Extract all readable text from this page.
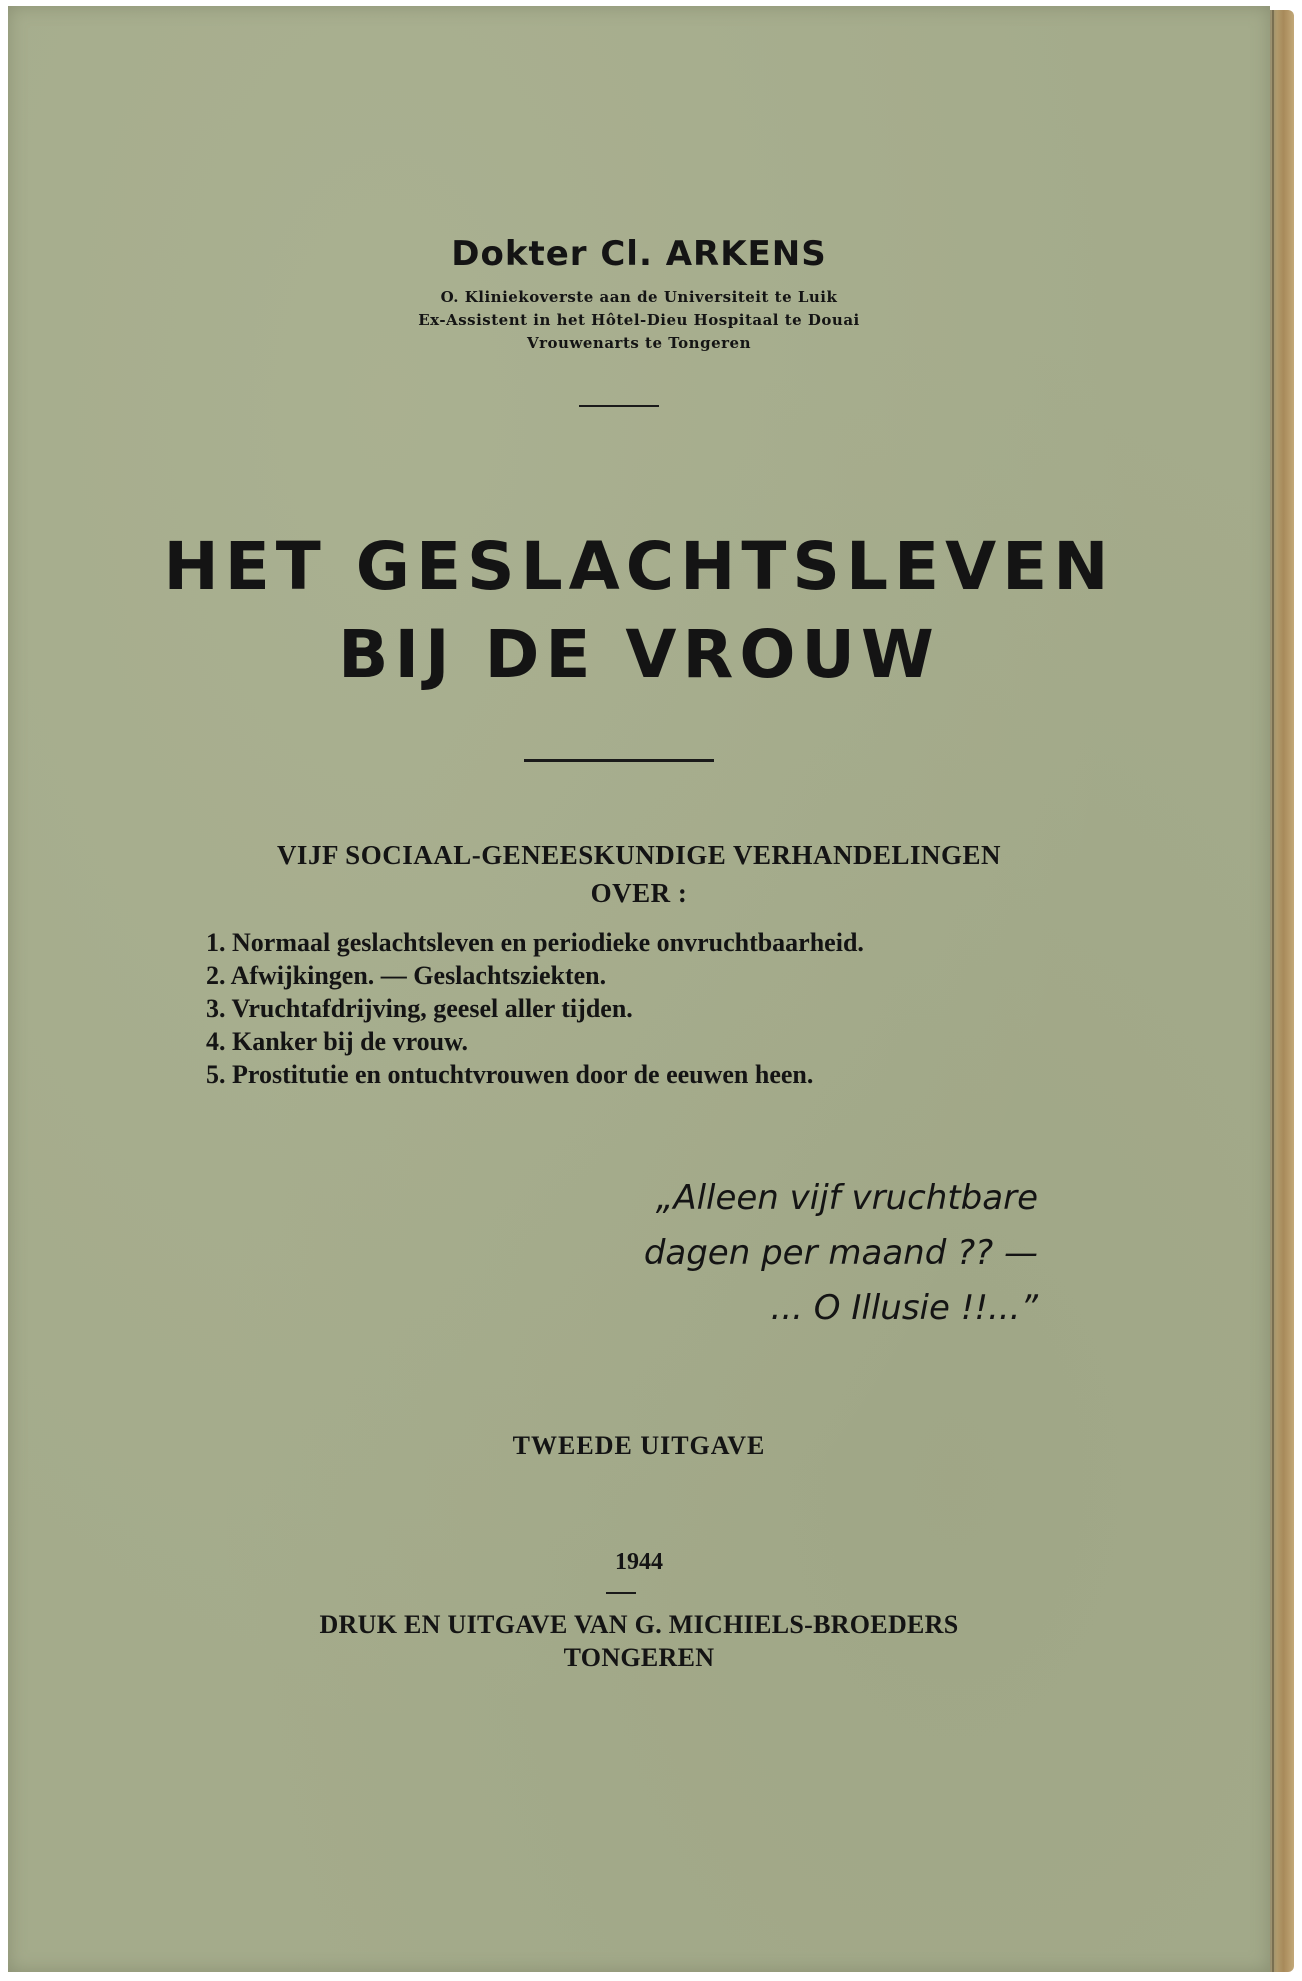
Dokter Cl. ARKENS
O. Kliniekoverste aan de Universiteit te Luik
Ex-Assistent in het Hôtel-Dieu Hospitaal te Douai
Vrouwenarts te Tongeren
HET GESLACHTSLEVEN
BIJ DE VROUW
VIJF SOCIAAL-GENEESKUNDIGE VERHANDELINGEN
OVER :
1. Normaal geslachtsleven en periodieke onvruchtbaarheid.
2. Afwijkingen. — Geslachtsziekten.
3. Vruchtafdrijving, geesel aller tijden.
4. Kanker bij de vrouw.
5. Prostitutie en ontuchtvrouwen door de eeuwen heen.
„Alleen vijf vruchtbare
dagen per maand ?? —
... O Illusie !!...”
TWEEDE UITGAVE
1944
DRUK EN UITGAVE VAN G. MICHIELS-BROEDERS
TONGEREN
